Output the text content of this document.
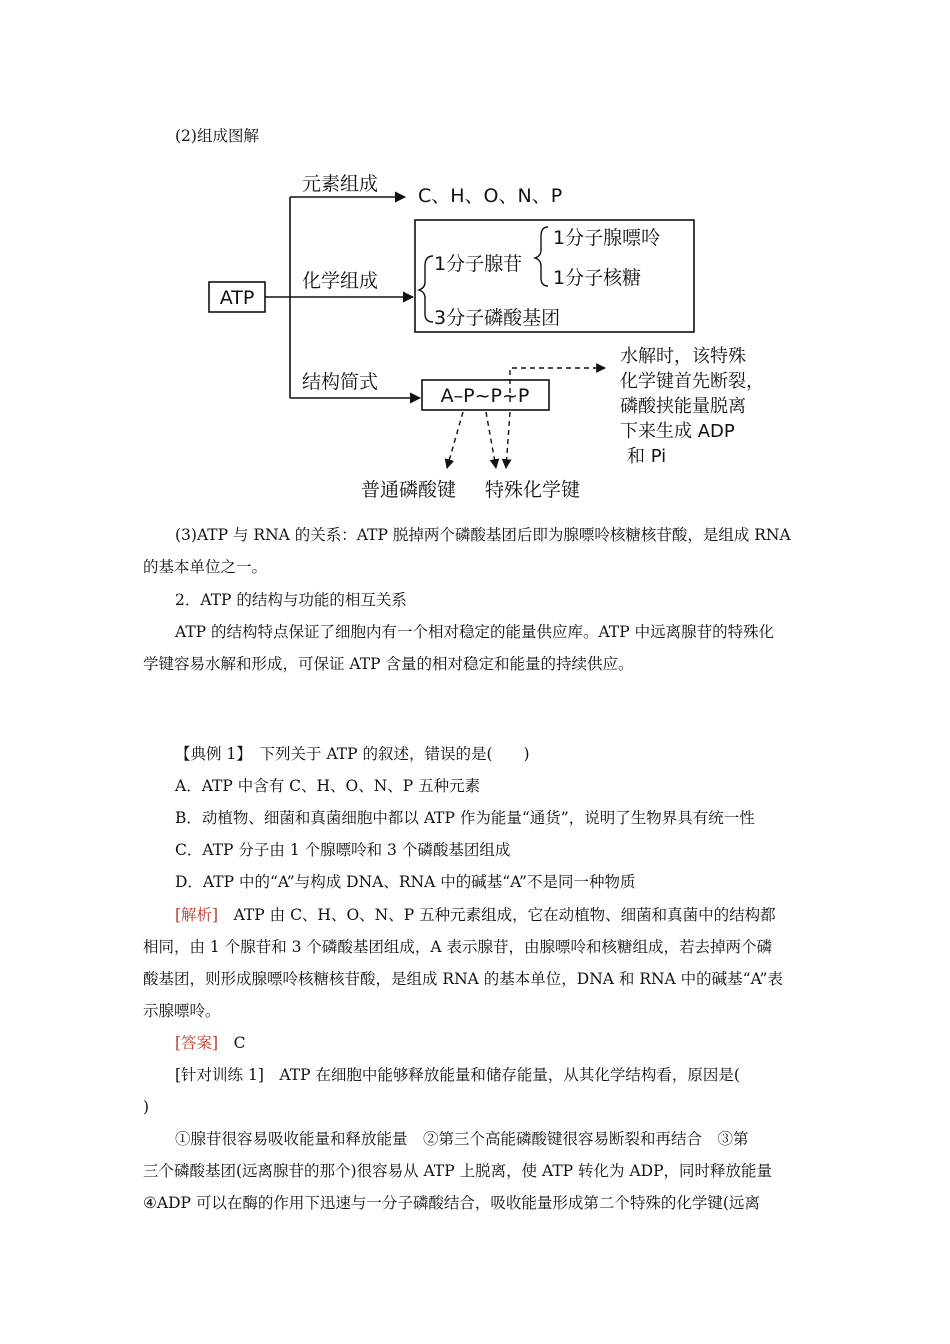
(2)组成图解
ATP
元素组成
C、H、O、N、P
化学组成
结构简式
1分子腺苷
1分子腺嘌呤
1分子核糖
3分子磷酸基团
A–P~P~P
水解时，该特殊
化学键首先断裂，
磷酸挟能量脱离
下来生成 ADP
和 Pi
普通磷酸键 特殊化学键
(3)ATP 与 RNA 的关系：ATP 脱掉两个磷酸基团后即为腺嘌呤核糖核苷酸，是组成 RNA
的基本单位之一。
2．ATP 的结构与功能的相互关系
ATP 的结构特点保证了细胞内有一个相对稳定的能量供应库。ATP 中远离腺苷的特殊化
学键容易水解和形成，可保证 ATP 含量的相对稳定和能量的持续供应。
【典例 1】　下列关于 ATP 的叙述，错误的是(　　)
A．ATP 中含有 C、H、O、N、P 五种元素
B．动植物、细菌和真菌细胞中都以 ATP 作为能量“通货”，说明了生物界具有统一性
C．ATP 分子由 1 个腺嘌呤和 3 个磷酸基团组成
D．ATP 中的“A”与构成 DNA、RNA 中的碱基“A”不是同一种物质
[解析]　ATP 由 C、H、O、N、P 五种元素组成，它在动植物、细菌和真菌中的结构都
相同，由 1 个腺苷和 3 个磷酸基团组成，A 表示腺苷，由腺嘌呤和核糖组成，若去掉两个磷
酸基团，则形成腺嘌呤核糖核苷酸，是组成 RNA 的基本单位，DNA 和 RNA 中的碱基“A”表
示腺嘌呤。
[答案]　C
[针对训练 1]　ATP 在细胞中能够释放能量和储存能量，从其化学结构看，原因是(
)
①腺苷很容易吸收能量和释放能量　②第三个高能磷酸键很容易断裂和再结合　③第
三个磷酸基团(远离腺苷的那个)很容易从 ATP 上脱离，使 ATP 转化为 ADP，同时释放能量
④ADP 可以在酶的作用下迅速与一分子磷酸结合，吸收能量形成第二个特殊的化学键(远离
